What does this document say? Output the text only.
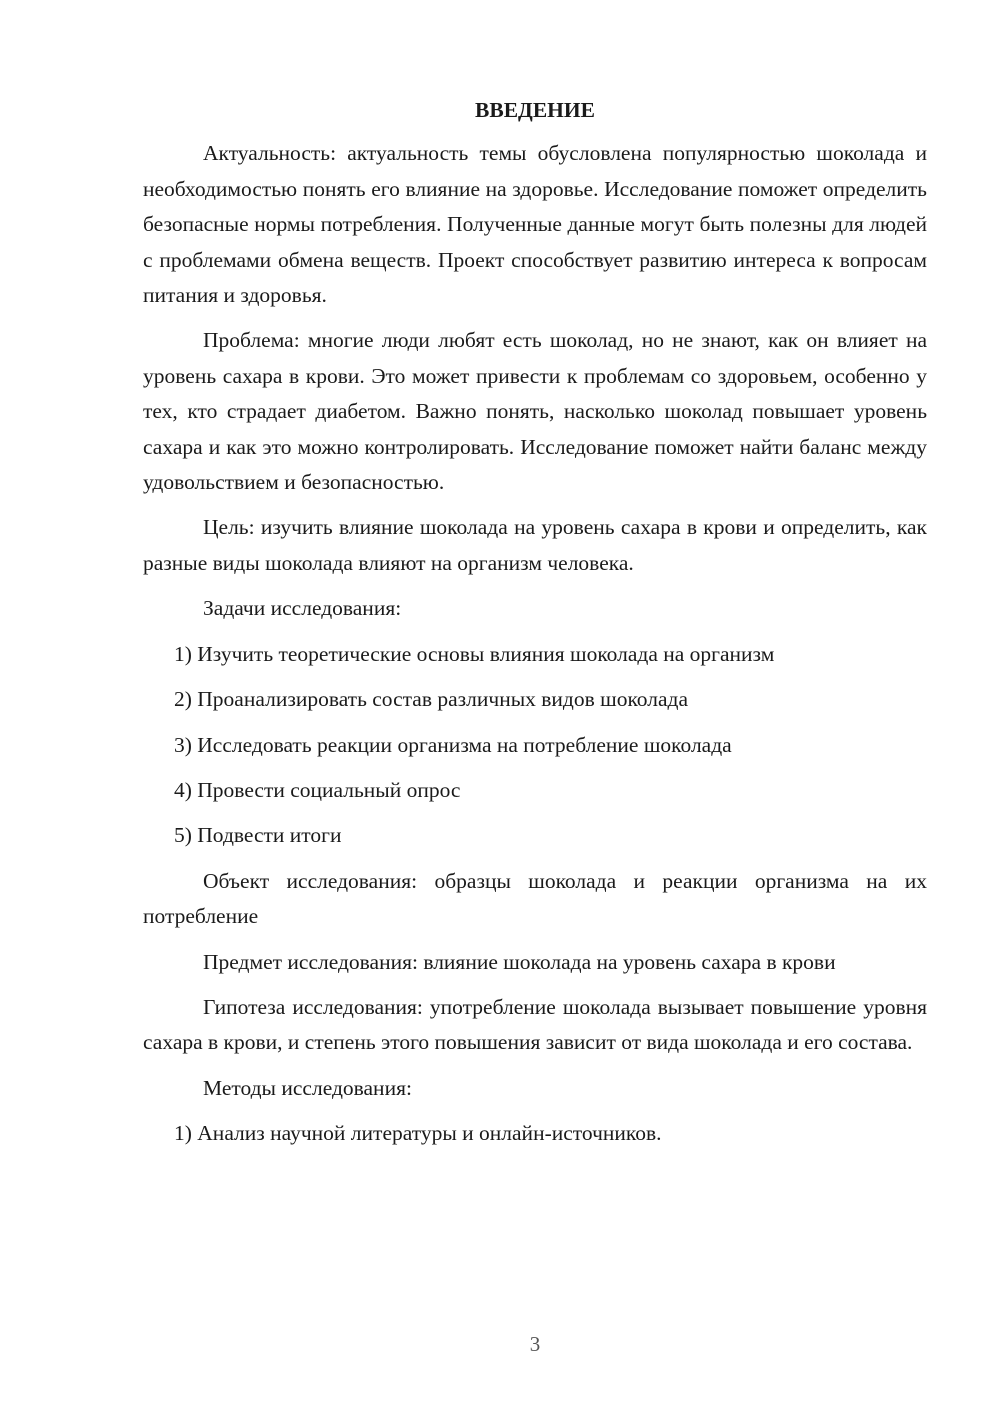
ВВЕДЕНИЕ

Актуальность: актуальность темы обусловлена популярностью шоколада и необходимостью понять его влияние на здоровье. Исследование поможет определить безопасные нормы потребления. Полученные данные могут быть полезны для людей с проблемами обмена веществ. Проект способствует развитию интереса к вопросам питания и здоровья.

Проблема: многие люди любят есть шоколад, но не знают, как он влияет на уровень сахара в крови. Это может привести к проблемам со здоровьем, особенно у тех, кто страдает диабетом. Важно понять, насколько шоколад повышает уровень сахара и как это можно контролировать. Исследование поможет найти баланс между удовольствием и безопасностью.

Цель: изучить влияние шоколада на уровень сахара в крови и определить, как разные виды шоколада влияют на организм человека.

Задачи исследования:

1) Изучить теоретические основы влияния шоколада на организм

2) Проанализировать состав различных видов шоколада

3) Исследовать реакции организма на потребление шоколада

4) Провести социальный опрос

5) Подвести итоги

Объект исследования: образцы шоколада и реакции организма на их потребление

Предмет исследования: влияние шоколада на уровень сахара в крови

Гипотеза исследования: употребление шоколада вызывает повышение уровня сахара в крови, и степень этого повышения зависит от вида шоколада и его состава.

Методы исследования:

1) Анализ научной литературы и онлайн-источников.

3
